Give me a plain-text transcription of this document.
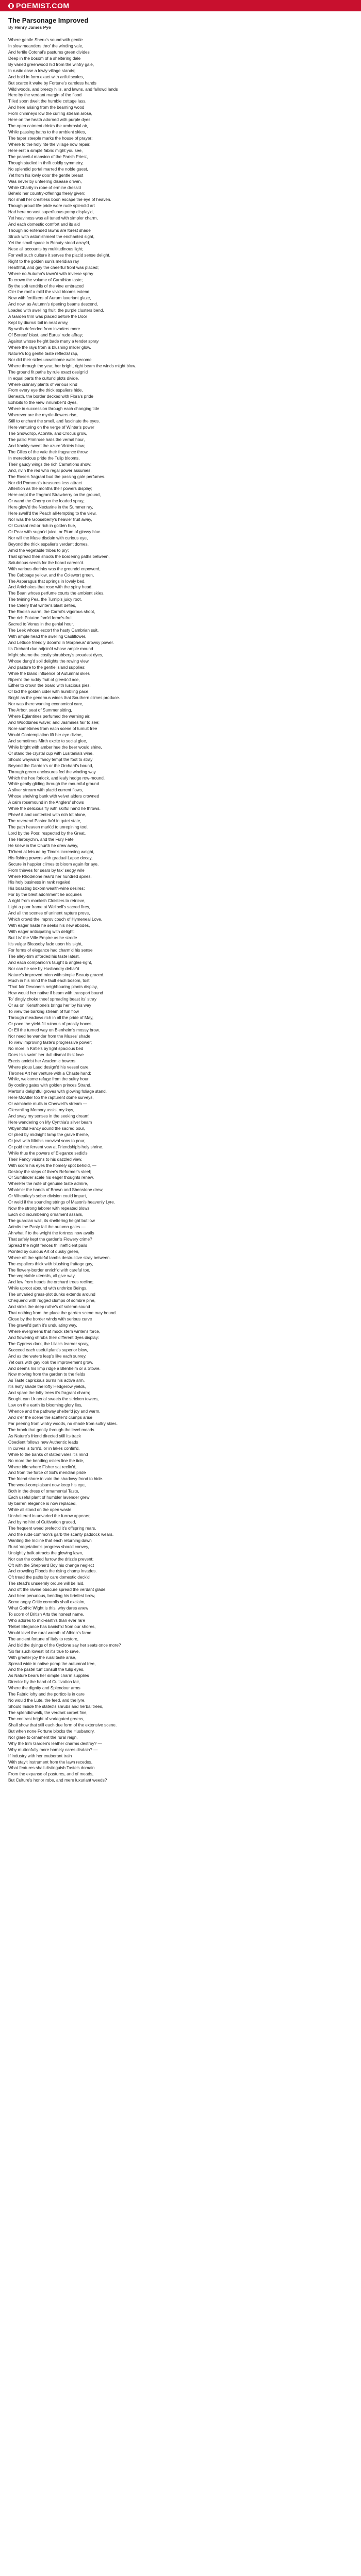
POEMIST.COM
The Parsonage Improved
By Henry James Pye
Where gentle Sheru's sound with gentle
In slow meanders thro' the winding vale,
And fertile Cotonal's pastures green divides
Deep in the bosom of a sheltering dale
By varied greenwood hid from the wintry gale,
In rustic ease a lowly village stands;
And bold in form exact with artful scales,
But scarce it wake by Fortune's careless hands
Wild woods, and breezy hills, and lawns, and fallowd lands
Here by the verdant margin of the flood
Tilled soon dwelt the humble cottage lass,
And here arising from the beaming wood
From chimneys low the curling stream arose,
Here on the heath adorned with purple dyes
The open catment drinks the ambrosial air,
While passing baths to the ambient skies,
The taper steeple marks the house of prayer;
Where to the holy rite the village now repair.
Here erst a simple fabric might you see,
The peaceful mansion of the Parish Priest,
Though studied in thrift coldly symmetry,
No splendid portal marred the noble guest,
Yet from his lowly door the gentle breast
Was never by unfeeling disease driven,
While Charity in robe of ermine dress'd
Beheld her country-offerings freely given;
Nor shall her crestless boon escape the eye of heaven.
Though proud life-pride wore rude splendid art
Had here no vast superfluous pomp display'd,
Yet heaviness was all tuned with simpler charm,
And each domestic comfort and its aid
Though no extended lawns are forest shade
Struck with astonishment the enchanted sight,
Yet the small space in Beauty stood array'd,
Nese all accounts by multitudinous light;
For well such culture it serves the placid sense delight.
Right to the golden sun's meridian ray
Healthful, and gay the cheerful front was placed;
Where no Autumn's tawn'd with inverse spray
To crown the volume of Carnthian taste;
By the soft tendrils of the vine embraced
O'er the roof a mild the vivid blooms extend,
Now with fertilizers of Aurum luxuriant glaze,
And now, as Autumn's ripening beams descend,
Loaded with swelling fruit, the purple clusters bend.
A Garden trim was placed before the Door
Kept by diurnal toil in neat array,
By walls defended from invaders more
Of Boreas' blast, and Eurus' rude affray;
Against whose height bade many a tender spray
Where the rays from is blushing milder glow.
Nature's fog gentle taste reflects! rap,
Nor did their sides unwelcome walls become
Where through the year, her bright, right beam the winds might blow.
The ground fit paths by rule exact design'd
In equal parts the cultur'd plots divide,
Where culinary plants of various kind
From every eye the thick espaliers hide,
Beneath, the border decked with Flora's pride
Exhibits to the view innumber'd dyes,
Where in succession through each changing tide
Wherever are the myrtle-flowers rise,
Still to enchant the smell, and fascinate the eyes.
Here venturing on the verge of Winter's power
The Snowdrop, Aconite, and Crocus grow,
The pallid Primrose hails the vernal hour,
And frankly sweet the azure Violets blow;
The Cilies of the vale their fragrance throw,
In meretricious pride the Tulip blooms,
Their gaudy wings the rich Carnations show;
And, rivin the red who regal power assumes,
The Rose's fragrant bud the passing gale perfumes.
Nor did Pomona's treasures less attract
Attention as the months their powers display;
Here crept the fragrant Strawberry on the ground,
Or wand the Cherry on the loaded spray;
Here glow'd the Nectarine in the Summer ray,
Here swell'd the Peach all-tempting to the view,
Nor was the Gooseberry's heavier fruit away,
Or Currant red or rich in golden hue,
Or Pear with sugar'd juice, or Plum of glossy blue.
Nor will the Muse disdain with curious eye,
Beyond the thick espalier's verdant domes,
Amid the vegetable tribes to pry;
That spread their shoots the bordering paths between,
Salubrious seeds for the board careen'd.
With various diorinks was the groundd enpowerd,
The Cabbage yellow, and the Colewort green,
The Asparagus that springs in lovely bed,
And Artichokes that rose with the spiny head.
The Bean whose perfume courts the ambient skies,
The twining Pea, the Turnip's juicy root,
The Celery that winter's blast defies,
The Radish warm, the Carrot's vigorous shoot,
The rich Potatoe fam'd Ierne's fruit
Sacred to Venus in the genial hour,
The Leek whose escort the hasty Cambrian suit,
With ample head the swelling Cauliflower,
And Lettuce friendly doom'd in Morpheus' drowsy power.
Its Orchard due adjoin'd whose ample mound
Might shame the costly shrubbery's proudest dyes,
Whose dung'd soil delights the rowing view,
And pasture to the gentle island supplies;
While the bland influence of Autumnal skies
Ripen'd the ruddy fruit of gleesk'd ace,
Either to crown the board with luscious pies,
Or bid the golden cider with humbling pace,
Bright as the generous wines that Southern climes produce.
Nor was there wanting economical care,
The Arbor, seat of Summer sitting,
Where Eglantines perfumed the warning air,
And Woodbines waver, and Jasmines fair to see;
Nore sometimes from each scene of tumult free
Would Contemplation lift her eye divine,
And sometimes Mirth excite to social glee,
While bright with amber hue the beer would shine,
Or stand the crystal cup with Lusitania's wine.
Should wayward fancy tempt the foot to stray
Beyond the Garden's or the Orchard's bound,
Through green enclosures fed the winding way
Which the hoe forlock, and leafy hedge row-mound.
While gently gliding through the mournful ground
A silver stream with placid current flows,
Whose shelving bank with velvet alders crowned
A calm rosemound in the Anglers' shows
While the delicious fly with skilful hand he throws.
Phew! it and contented with rich lot alone,
The reverend Pastor liv'd in quiet state,
The path heaven mark'd to unrepining tool,
Lord by the Poor, respected by the Great.
The Harpsychin, and the Fury Fate
He knew in the Churth he drew away,
Th'bent at leisure by Time's increasing weight,
His fishing powers with gradual Lapse decay,
Secure in happier climes to bloom again for aye.
From thieves for sears by tax' sedgy wile
Where Rhodelone rear'd her hundred spires,
His holy business in rank regaled
His boasting boxom wealth-wine desires;
For by the blest adornment he acquires
A right from monkish Cloisters to retrieve,
Light a poor frame at Wellbell's sacred fires,
And all the scenes of uninent rapture prove,
Which crowd the improv couch of Hymeneal Love.
With eager haste he seeks his new abodes,
With eager anticipating with delight;
But Liv' the Ville Empire as he strode
It's vulgar Bleaseby fade upon his sight,
For forms of elegance had charm'd his sense
The alley-trim afforded his taste latest,
And each companion's taught & angles-right,
Nor can he see by Husbandry debar'd
Nature's improved mien with simple Beauty graced.
Much in his mind the fault each bosom, tost
'That fair Devoner's neighbouring plants display,
How would her native if beam with transport bound
To' dingly choke thee! spreading beast its' stray
Or as on 'Kensthone's brings her 'by his way
To view the barking stream of fun flow
Through meadows rich in all the pride of May,
Or pace the yield-fill ruinous of prostly boxes,
Or Ell the turned way on Blenheim's mossy brow.
Nor need he wander from the Muses' shade
To view improving taste's progressive power;
No more in Kirtle's by light spacious bed
Does Isis swim' her dull-dismal thist love
Erects amidst her Academic bowers
Where pious Laud design'd his vessel care,
Thrones Art her venture with a Chaste hand;
While, welcome refuge from the sultry hour
By cooling gates with golden princes Strand,
Merton's delightful groves with glowing foliage stand.
Here McAlter too the rapturent dome surveys,
Or wimchele mulls in Cherwell's stream —
O'ersmiling Memory assist my lays,
And sway my senses in the seeking dream!
Here wandering on My Cynthia's silver beam
Wbyandful Fancy sound the sacred bour,
Or plied by midnight lamp the grave theme,
Or jovil with Mirth's convival sons to pour,
Or paid the fervent vow at Friendship's holy shrine.
While thus the powers of Elegance sedid's
Their Fancy visions to his dazzled view,
With scorn his eyes the homely spot behold, —
Destroy the steps of thee's Reformer's steel;
Or Sumfinder scale his eager thoughts renew,
Where'er the note of genuine taste admire,
Whate'er the hands of Brown and Shenstone drew,
Or Wheatley's sober division could impart,
Or weld if the sounding strings of Mason's heavenly Lyre.
Now the strong laborer with repeated blows
Each old incumbering ornament assails,
The guardian wall, its sheltering height but low
Admits the Pasty fall the autumn gales —
Ah what if to the wright the fortress now avails
That safely kept the garden's Flowery crime?
Spread the night fences th' inefficient pails
Pointed by curious Art of dusky green,
Where oft the spiteful lambs destructive stray between.
The espaliers thick with blushing fruitage gay,
The flowery-border enrich'd with careful toe,
The vegetable utensils, all give way,
And low from heads the orchard trees recline;
While uproot abound with unthrice Beings,
The unvaried grass-plot dunks extends around
Chequer'd with rugged clumps of sombre pine,
And sinks the deep ruthe's of solemn sound
That nothing from the place the garden scene may bound.
Close by the border winds with serious curve
The gravel'd path it's undulating way,
Where evergreens that mock stern winter's force,
And flowering shrubs their different dyes display:
The Cypress dark, the Lilac's learner spray,
Succeed each useful plant's superior blow,
And as the waters leap's like each survey,
Yet ours with gay look the improvement grow,
And deems his limp ridge a Blenheim or a Stowe.
Now moving from the garden to the fields
As Taste capricious burns his active arm,
It's leafy shade the lofty Hedgerow yields,
And spare the lofty trees it's fragrant charm;
Bought can Ur aerial sweets the stricken towers,
Low on the earth its blooming glory lies,
Whence and the pathway shelter'd joy and warm,
And o'er the scene the scatter'd clumps arise
Far peering from wintry woods, no shade from sultry skies.
The brook that gently through the level meads
As Nature's friend directed still its track
Obedient follows new Authentic leads
In curves is turn'd, or in lakes confin'd,
While to the banks of stated vales it's mind
No more the bending osiers line the tide,
Where idle where Fisher sat reclin'd,
And from the force of Sol's meridian pride
The friend shore in vain the shadowy frond to hide.
The weed-complaisant now keep his eye,
Both in the dress of ornamental Taste,
Each useful plant of humbler lavender grew
By barren elegance is now replaced,
While all stand on the open waste
Unsheltered in unvaried the furrow appears;
And by no hint of Cultivation graced,
The frequent weed prefect'd it's offspring rears,
And the rude common's garb the scanty paddock wears.
Wanting the Incline that each returning dawn
Rural Vegetation's progress should convey,
Unsightly balk attracts the glowing lawn,
Nor can the cooled furrow the drizzle prevent;
Oft with the Shepherd Boy his change neglect
And crowding Floods the rising champ invades.
Oft tread the paths by care domestic deck'd
The stead's unseemly ordure will be laid,
And oft the ravine obscure spread the verdant glade.
And here penurious, bending his briefest brow,
Some angry Critic cornrolls shall exclaim,
What Gothic Wight is this, why dares anew
To scorn of British Arts the honest name,
Who adores to mid-earth's than ever rare
'Rebel Elegance has banish'd from our shores,
Would level the rural wreath of Albion's fame
The ancient fortune of Italy to restore,
And bid the dyings of the Cyclone say her seats once more?
'So far such lowest lot it's true to save,
With greater joy the rural taste arise,
Spread wide in native pomp the autumnal tree,
And the pastel turf consult the tulip eyes,
As Nature bears her simple charm supplies
Director by the hand of Cultivation fair,
Where the dignity and Splendour arms
The Fabric lofty and the portico is in care
No would the Lute, the feed, and the lyre,
Should Inside the stated's shrubs and herbal trees,
The splendid walk, the verdant carpet fine,
The contrast bright of variegated greens,
Shall show that still each due form of the extensive scene.
But when none Fortune blocks the Husbandry,
Nor glare to ornament the rural reign,
Why the trim Garden's leather charms destroy? —
Why muttonfully more homely cares disdain? —
If industry with her exuberant train
With stay't instrument from the lawn recedes,
What features shall distinguish Taste's domain
From the expanse of pastures, and of meads,
But Culture's honor robe, and mere luxuriant weeds?
